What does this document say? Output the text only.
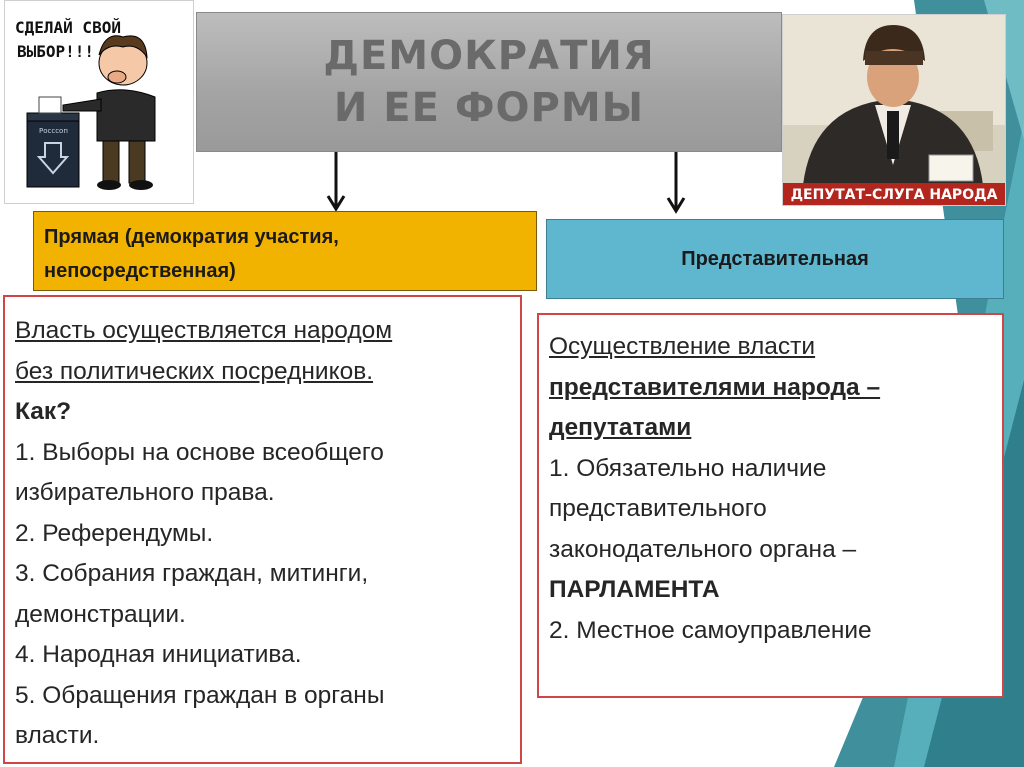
СДЕЛАЙ СВОЙ
ВЫБОР!!!
Росссоп
ДЕМОКРАТИЯ
И ЕЕ ФОРМЫ
ДЕПУТАТ–СЛУГА НАРОДА
Прямая (демократия участия,
непосредственная)
Представительная
Власть осуществляется народом
без политических посредников.
Как?
1. Выборы на основе всеобщего
избирательного права.
2. Референдумы.
3. Собрания граждан, митинги,
демонстрации.
4. Народная инициатива.
5. Обращения граждан в органы
власти.
Осуществление власти
представителями народа –
депутатами
1. Обязательно наличие
представительного
законодательного органа –
ПАРЛАМЕНТА
2. Местное самоуправление
